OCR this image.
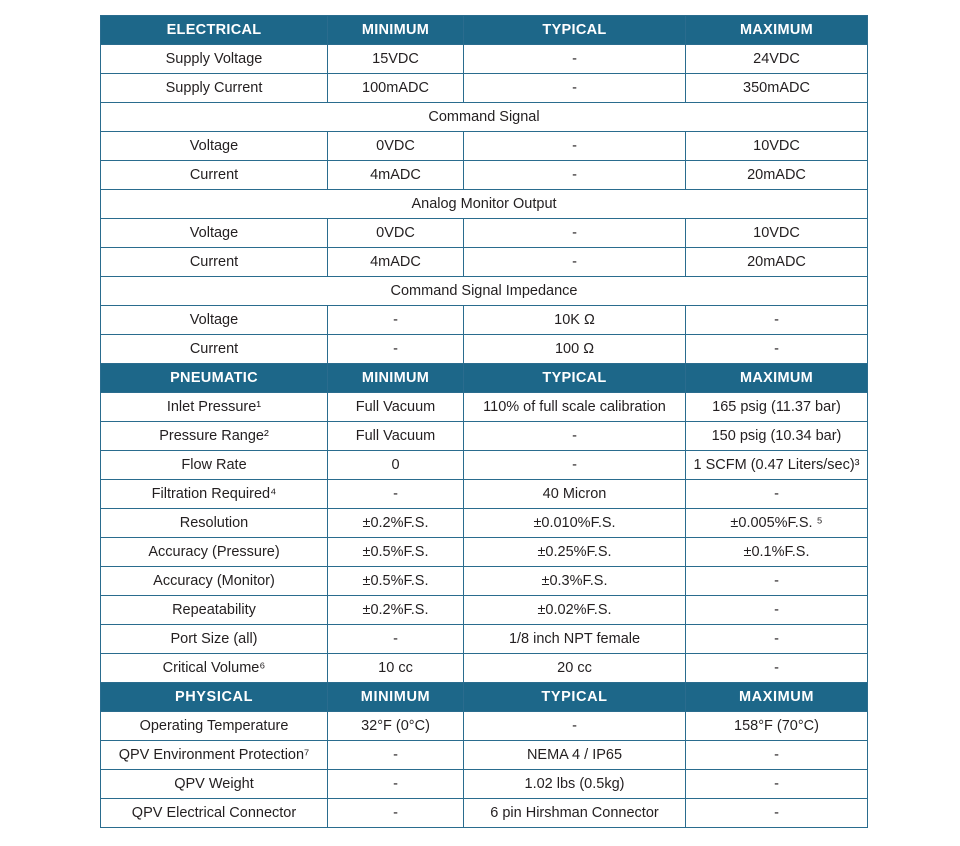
ELECTRICAL	MINIMUM	TYPICAL	MAXIMUM
Supply Voltage	15VDC	-	24VDC
Supply Current	100mADC	-	350mADC
Command Signal			
Voltage	0VDC	-	10VDC
Current	4mADC	-	20mADC
Analog Monitor Output			
Voltage	0VDC	-	10VDC
Current	4mADC	-	20mADC
Command Signal Impedance			
Voltage	-	10K Ω	-
Current	-	100 Ω	-
PNEUMATIC	MINIMUM	TYPICAL	MAXIMUM
Inlet Pressure¹	Full Vacuum	110% of full scale calibration	165 psig (11.37 bar)
Pressure Range²	Full Vacuum	-	150 psig (10.34 bar)
Flow Rate	0	-	1 SCFM (0.47 Liters/sec)³
Filtration Required⁴	-	40 Micron	-
Resolution	±0.2%F.S.	±0.010%F.S.	±0.005%F.S. ⁵
Accuracy (Pressure)	±0.5%F.S.	±0.25%F.S.	±0.1%F.S.
Accuracy (Monitor)	±0.5%F.S.	±0.3%F.S.	-
Repeatability	±0.2%F.S.	±0.02%F.S.	-
Port Size (all)	-	1/8 inch NPT female	-
Critical Volume⁶	10 cc	20 cc	-
PHYSICAL	MINIMUM	TYPICAL	MAXIMUM
Operating Temperature	32°F (0°C)	-	158°F (70°C)
QPV Environment Protection⁷	-	NEMA 4 / IP65	-
QPV Weight	-	1.02 lbs (0.5kg)	-
QPV Electrical Connector	-	6 pin Hirshman Connector	-
